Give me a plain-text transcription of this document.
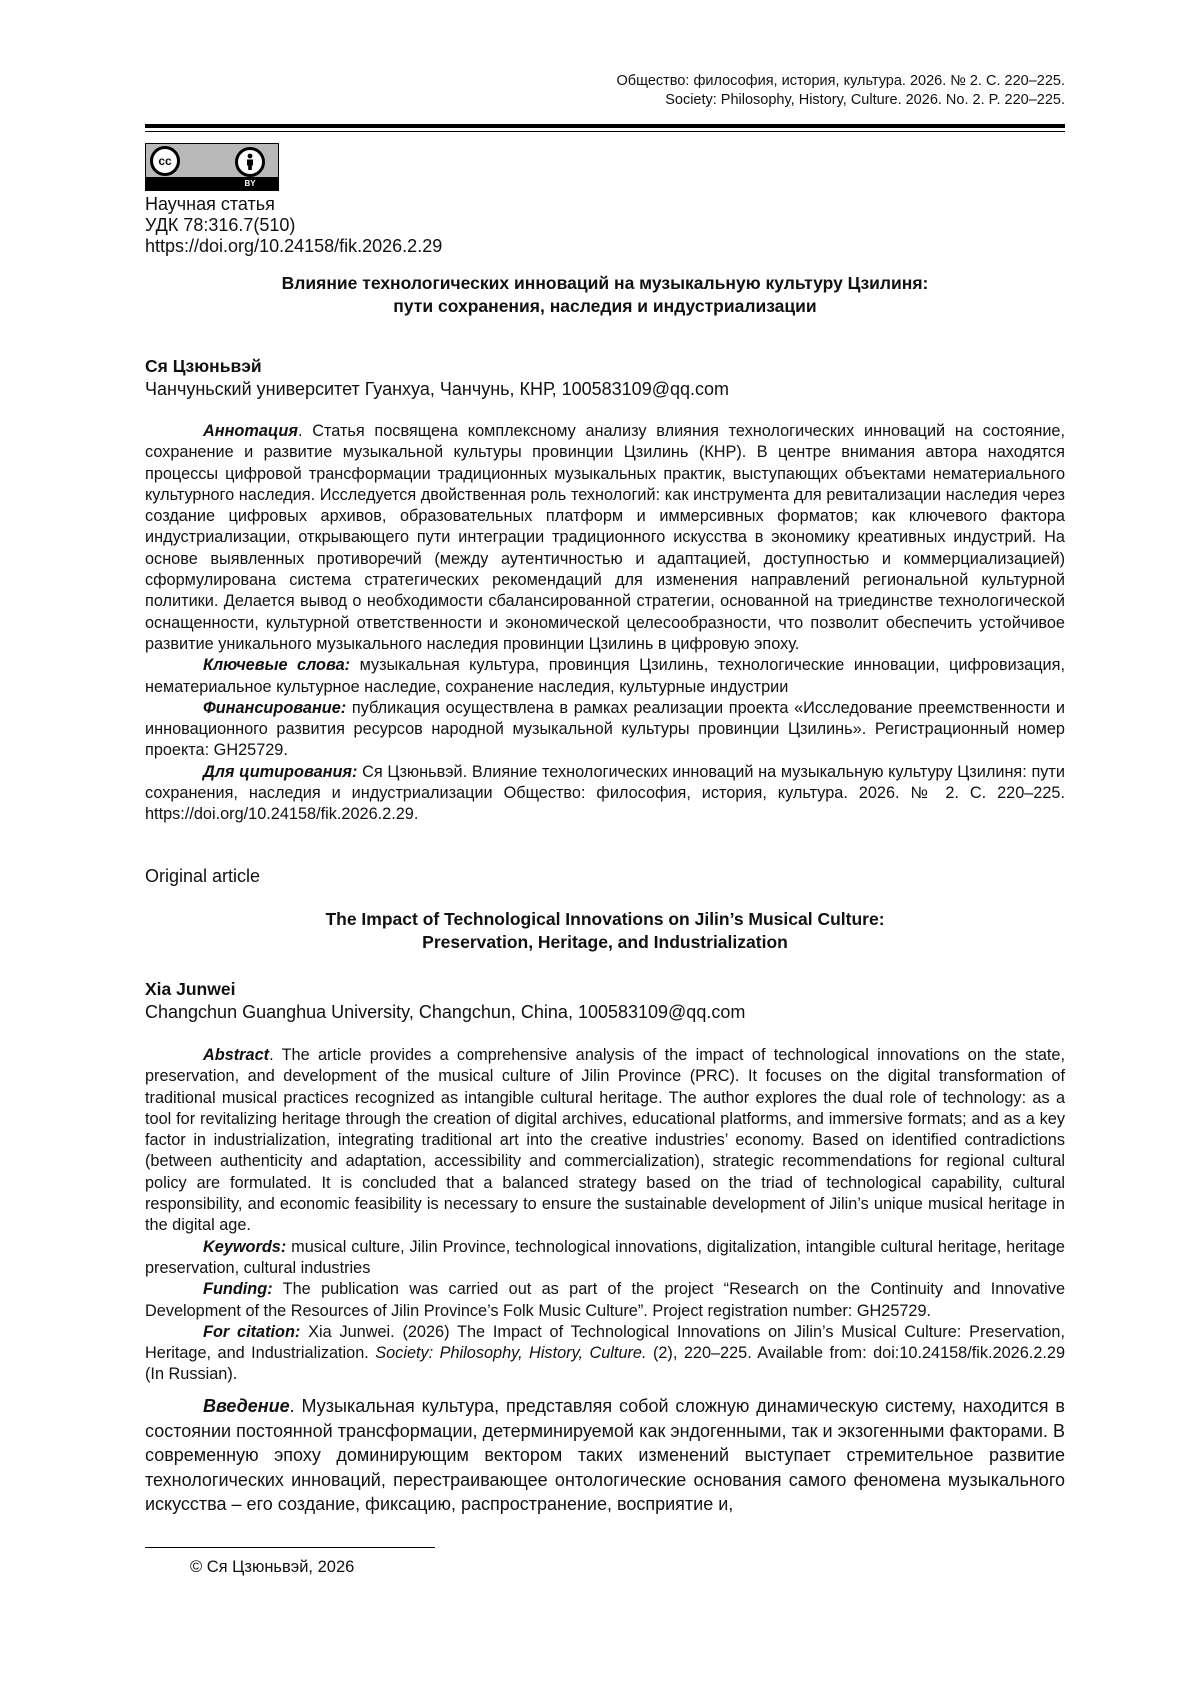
Общество: философия, история, культура. 2026. № 2. С. 220–225.
Society: Philosophy, History, Culture. 2026. No. 2. P. 220–225.
cc
BY
Научная статья
УДК 78:316.7(510)
https://doi.org/10.24158/fik.2026.2.29
Влияние технологических инноваций на музыкальную культуру Цзилиня:
пути сохранения, наследия и индустриализации
Ся Цзюньвэй
Чанчуньский университет Гуанхуа, Чанчунь, КНР, 100583109@qq.com

Аннотация. Статья посвящена комплексному анализу влияния технологических инноваций на состояние, сохранение и развитие музыкальной культуры провинции Цзилинь (КНР). В центре внимания автора находятся процессы цифровой трансформации традиционных музыкальных практик, выступающих объектами нематериального культурного наследия. Исследуется двойственная роль технологий: как инструмента для ревитализации наследия через создание цифровых архивов, образовательных платформ и иммерсивных форматов; как ключевого фактора индустриализации, открывающего пути интеграции традиционного искусства в экономику креативных индустрий. На основе выявленных противоречий (между аутентичностью и адаптацией, доступностью и коммерциализацией) сформулирована система стратегических рекомендаций для изменения направлений региональной культурной политики. Делается вывод о необходимости сбалансированной стратегии, основанной на триединстве технологической оснащенности, культурной ответственности и экономической целесообразности, что позволит обеспечить устойчивое развитие уникального музыкального наследия провинции Цзилинь в цифровую эпоху.

Ключевые слова: музыкальная культура, провинция Цзилинь, технологические инновации, цифровизация, нематериальное культурное наследие, сохранение наследия, культурные индустрии

Финансирование: публикация осуществлена в рамках реализации проекта «Исследование преемственности и инновационного развития ресурсов народной музыкальной культуры провинции Цзилинь». Регистрационный номер проекта: GH25729.

Для цитирования: Ся Цзюньвэй. Влияние технологических инноваций на музыкальную культуру Цзилиня: пути сохранения, наследия и индустриализации Общество: философия, история, культура. 2026. № 2. С. 220–225. https://doi.org/10.24158/fik.2026.2.29.

Original article
The Impact of Technological Innovations on Jilin’s Musical Culture:
Preservation, Heritage, and Industrialization
Xia Junwei
Changchun Guanghua University, Changchun, China, 100583109@qq.com

Abstract. The article provides a comprehensive analysis of the impact of technological innovations on the state, preservation, and development of the musical culture of Jilin Province (PRC). It focuses on the digital transformation of traditional musical practices recognized as intangible cultural heritage. The author explores the dual role of technology: as a tool for revitalizing heritage through the creation of digital archives, educational platforms, and immersive formats; and as a key factor in industrialization, integrating traditional art into the creative industries’ economy. Based on identified contradictions (between authenticity and adaptation, accessibility and commercialization), strategic recommendations for regional cultural policy are formulated. It is concluded that a balanced strategy based on the triad of technological capability, cultural responsibility, and economic feasibility is necessary to ensure the sustainable development of Jilin’s unique musical heritage in the digital age.

Keywords: musical culture, Jilin Province, technological innovations, digitalization, intangible cultural heritage, heritage preservation, cultural industries

Funding: The publication was carried out as part of the project “Research on the Continuity and Innovative Development of the Resources of Jilin Province’s Folk Music Culture”. Project registration number: GH25729.

For citation: Xia Junwei. (2026) The Impact of Technological Innovations on Jilin’s Musical Culture: Preservation, Heritage, and Industrialization. Society: Philosophy, History, Culture. (2), 220–225. Available from: doi:10.24158/fik.2026.2.29 (In Russian).

Введение. Музыкальная культура, представляя собой сложную динамическую систему, находится в состоянии постоянной трансформации, детерминируемой как эндогенными, так и экзогенными факторами. В современную эпоху доминирующим вектором таких изменений выступает стремительное развитие технологических инноваций, перестраивающее онтологические основания самого феномена музыкального искусства – его создание, фиксацию, распространение, восприятие и,

© Ся Цзюньвэй, 2026
